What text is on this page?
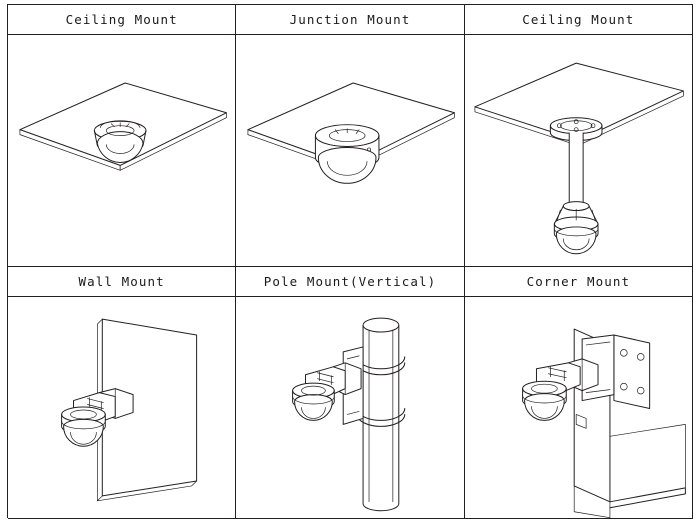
Ceiling Mount	Junction Mount	Ceiling Mount
Wall Mount	Pole Mount(Vertical)	Corner Mount
